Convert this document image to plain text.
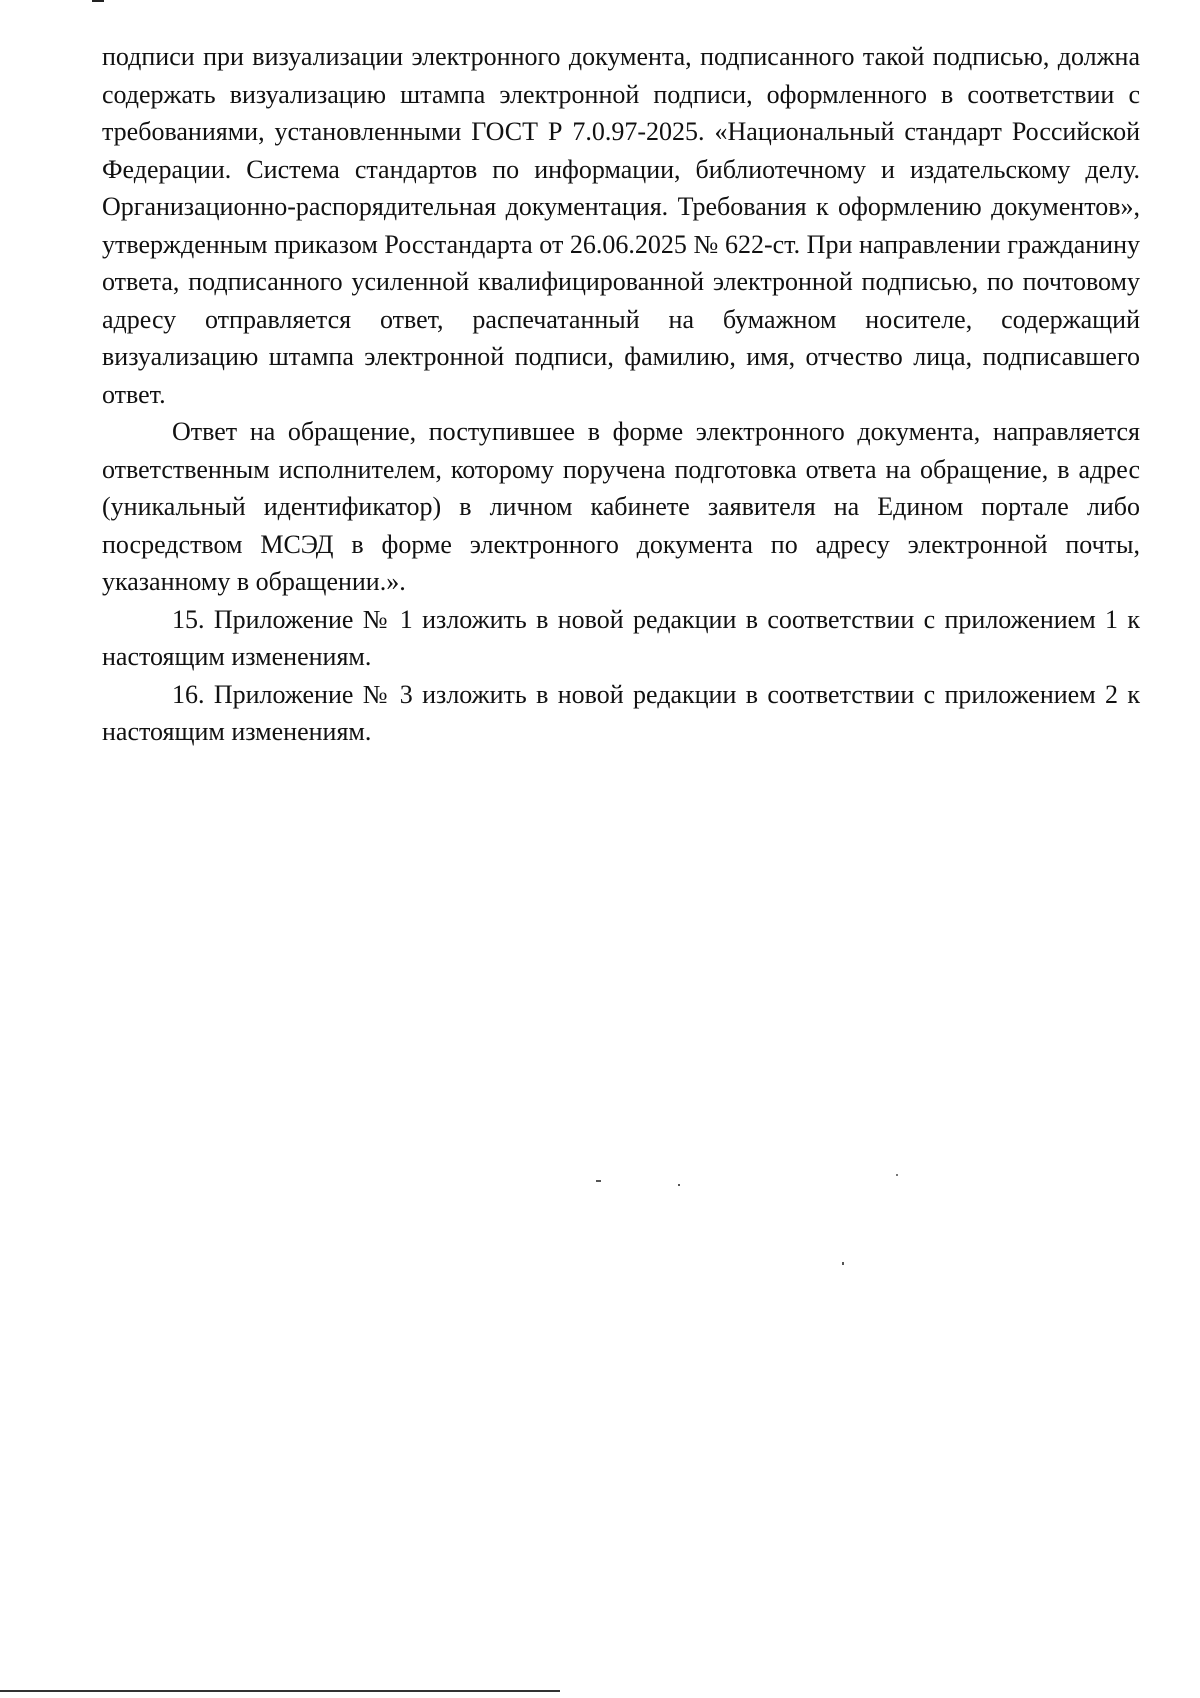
подписи при визуализации электронного документа, подписанного такой подписью, должна содержать визуализацию штампа электронной подписи, оформленного в соответствии с требованиями, установленными ГОСТ Р 7.0.97-2025. «Национальный стандарт Российской Федерации. Система стандартов по информации, библиотечному и издательскому делу. Организационно-распорядительная документация. Требования к оформлению документов», утвержденным приказом Росстандарта от 26.06.2025 № 622-ст. При направлении гражданину ответа, подписанного усиленной квалифицированной электронной подписью, по почтовому адресу отправляется ответ, распечатанный на бумажном носителе, содержащий визуализацию штампа электронной подписи, фамилию, имя, отчество лица, подписавшего ответ.

Ответ на обращение, поступившее в форме электронного документа, направляется ответственным исполнителем, которому поручена подготовка ответа на обращение, в адрес (уникальный идентификатор) в личном кабинете заявителя на Едином портале либо посредством МСЭД в форме электронного документа по адресу электронной почты, указанному в обращении.».

15. Приложение № 1 изложить в новой редакции в соответствии с приложением 1 к настоящим изменениям.

16. Приложение № 3 изложить в новой редакции в соответствии с приложением 2 к настоящим изменениям.
